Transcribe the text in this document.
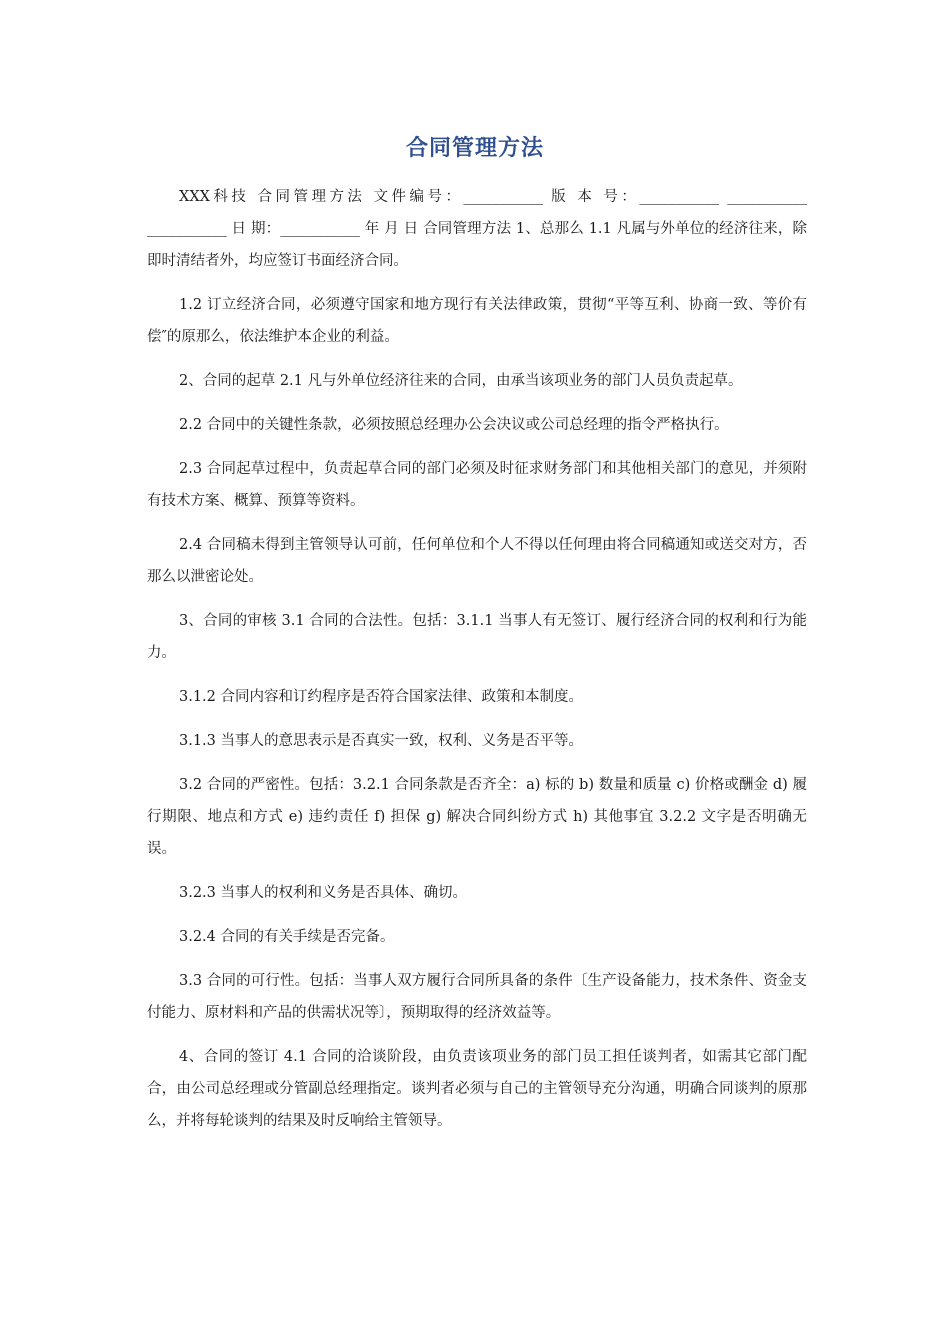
合同管理方法

XXX科技 合同管理方法 文件编号：___________ 版 本 号：___________ ___________ ___________ 日 期：___________ 年 月 日 合同管理方法 1、总那么 1.1 凡属与外单位的经济往来，除即时清结者外，均应签订书面经济合同。

1.2 订立经济合同，必须遵守国家和地方现行有关法律政策，贯彻“平等互利、协商一致、等价有偿″的原那么，依法维护本企业的利益。

2、合同的起草 2.1 凡与外单位经济往来的合同，由承当该项业务的部门人员负责起草。

2.2 合同中的关键性条款，必须按照总经理办公会决议或公司总经理的指令严格执行。

2.3 合同起草过程中，负责起草合同的部门必须及时征求财务部门和其他相关部门的意见，并须附有技术方案、概算、预算等资料。

2.4 合同稿未得到主管领导认可前，任何单位和个人不得以任何理由将合同稿通知或送交对方，否那么以泄密论处。

3、合同的审核 3.1 合同的合法性。包括：3.1.1 当事人有无签订、履行经济合同的权利和行为能力。

3.1.2 合同内容和订约程序是否符合国家法律、政策和本制度。

3.1.3 当事人的意思表示是否真实一致，权利、义务是否平等。

3.2 合同的严密性。包括：3.2.1 合同条款是否齐全：a) 标的 b) 数量和质量 c) 价格或酬金 d) 履行期限、地点和方式 e) 违约责任 f) 担保 g) 解决合同纠纷方式 h) 其他事宜 3.2.2 文字是否明确无误。

3.2.3 当事人的权利和义务是否具体、确切。

3.2.4 合同的有关手续是否完备。

3.3 合同的可行性。包括：当事人双方履行合同所具备的条件〔生产设备能力，技术条件、资金支付能力、原材料和产品的供需状况等〕，预期取得的经济效益等。

4、合同的签订 4.1 合同的洽谈阶段，由负责该项业务的部门员工担任谈判者，如需其它部门配合，由公司总经理或分管副总经理指定。谈判者必须与自己的主管领导充分沟通，明确合同谈判的原那么，并将每轮谈判的结果及时反响给主管领导。
